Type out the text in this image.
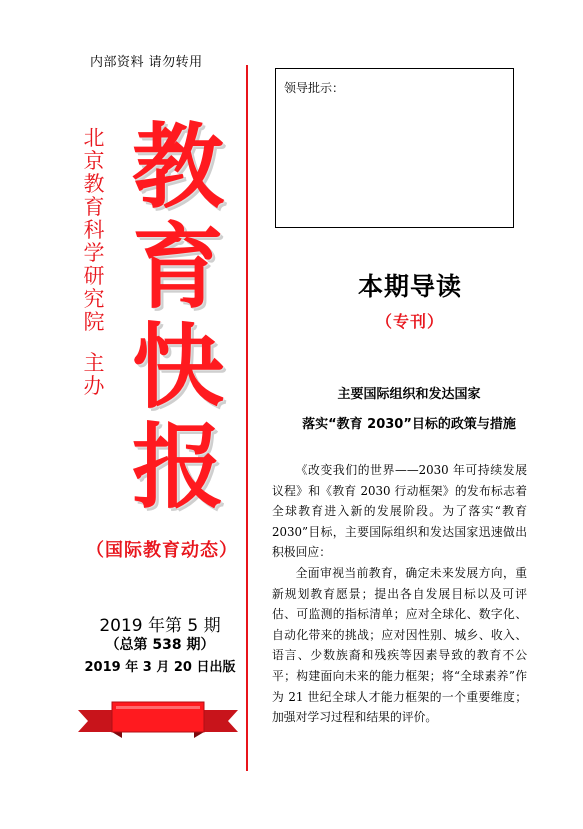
内部资料 请勿转用
北
京
教
育
科
学
研
究
院
主
办
教
育
快
报
（国际教育动态）
2019 年第 5 期
（总第 538 期）
2019 年 3 月 20 日出版
领导批示：
本期导读
（专刊）
主要国际组织和发达国家
落实“教育 2030”目标的政策与措施

《改变我们的世界——2030 年可持续发展议程》和《教育 2030 行动框架》的发布标志着全球教育进入新的发展阶段。为了落实“教育 2030”目标，主要国际组织和发达国家迅速做出积极回应：

全面审视当前教育，确定未来发展方向，重新规划教育愿景；提出各自发展目标以及可评估、可监测的指标清单；应对全球化、数字化、自动化带来的挑战；应对因性别、城乡、收入、语言、少数族裔和残疾等因素导致的教育不公平；构建面向未来的能力框架；将“全球素养”作为 21 世纪全球人才能力框架的一个重要维度；加强对学习过程和结果的评价。
